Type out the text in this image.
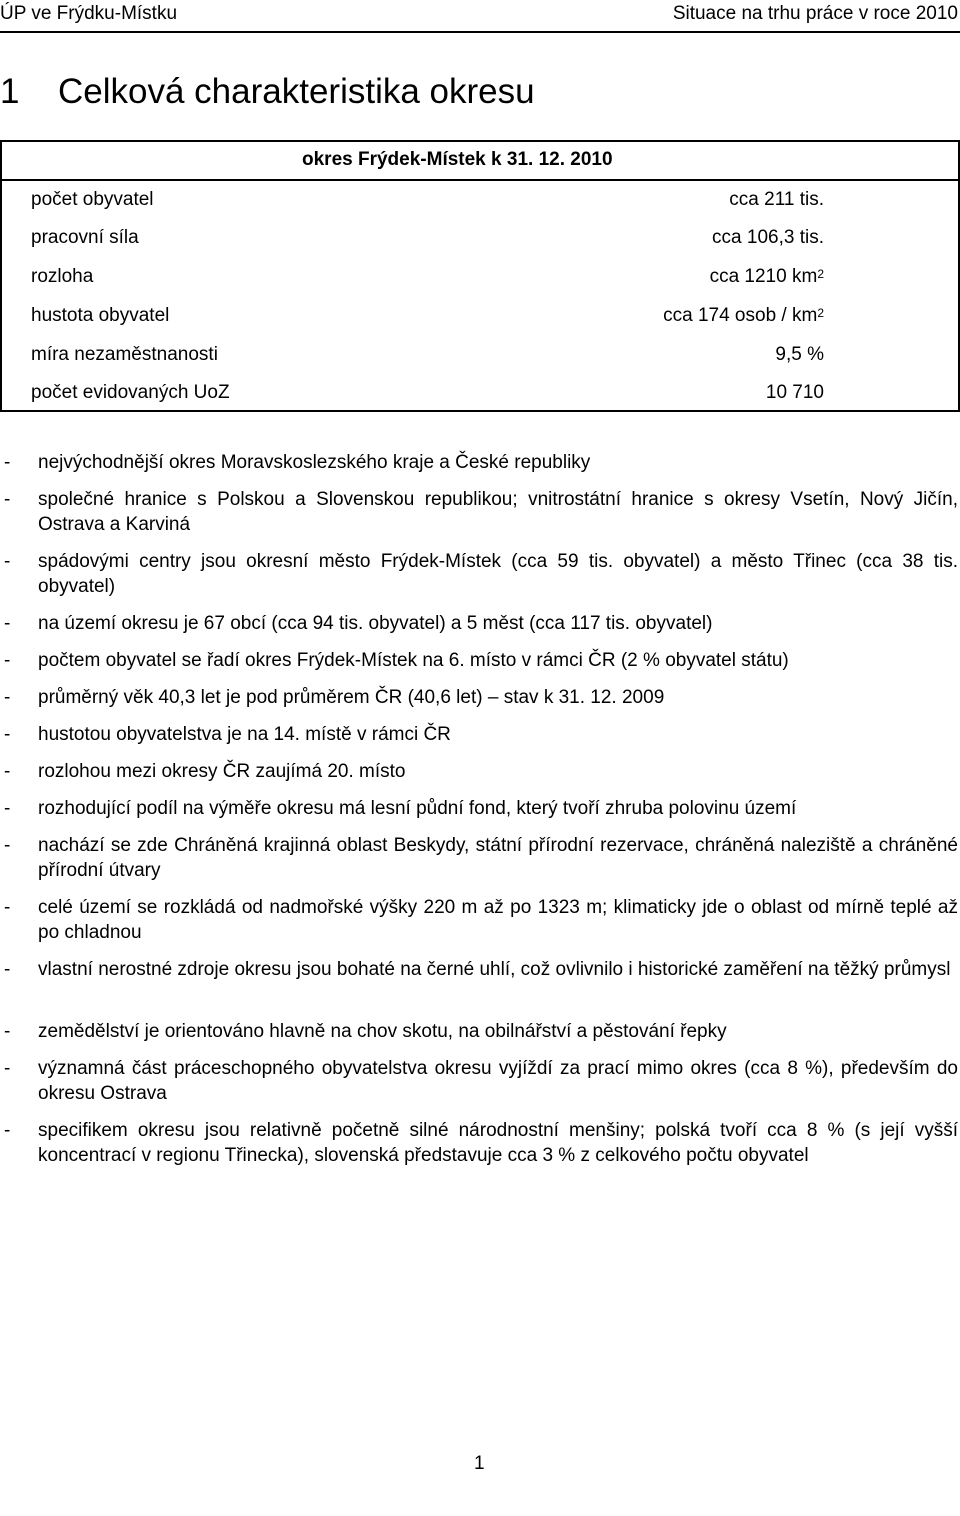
ÚP ve Frýdku-Místku	Situace na trhu práce v roce 2010
1 Celková charakteristika okresu
okres Frýdek-Místek k 31. 12. 2010
počet obyvatel	cca 211 tis.
pracovní síla	cca 106,3 tis.
rozloha	cca 1210 $km^2$
hustota obyvatel	cca 174 osob / $km^2$
míra nezaměstnanosti	9,5 %
počet evidovaných UoZ	10 710
- nejvýchodnější okres Moravskoslezského kraje a České republiky
- společné hranice s Polskou a Slovenskou republikou; vnitrostátní hranice s okresy Vsetín, Nový Jičín, Ostrava a Karviná
- spádovými centry jsou okresní město Frýdek-Místek (cca 59 tis. obyvatel) a město Třinec (cca 38 tis. obyvatel)
- na území okresu je 67 obcí (cca 94 tis. obyvatel) a 5 měst (cca 117 tis. obyvatel)
- počtem obyvatel se řadí okres Frýdek-Místek na 6. místo v rámci ČR (2 % obyvatel státu)
- průměrný věk 40,3 let je pod průměrem ČR (40,6 let) – stav k 31. 12. 2009
- hustotou obyvatelstva je na 14. místě v rámci ČR
- rozlohou mezi okresy ČR zaujímá 20. místo
- rozhodující podíl na výměře okresu má lesní půdní fond, který tvoří zhruba polovinu území
- nachází se zde Chráněná krajinná oblast Beskydy, státní přírodní rezervace, chráněná naleziště a chráněné přírodní útvary
- celé území se rozkládá od nadmořské výšky 220 m až po 1323 m; klimaticky jde o oblast od mírně teplé až po chladnou
- vlastní nerostné zdroje okresu jsou bohaté na černé uhlí, což ovlivnilo i historické zaměření na těžký průmysl
- zemědělství je orientováno hlavně na chov skotu, na obilnářství a pěstování řepky
- významná část práceschopného obyvatelstva okresu vyjíždí za prací mimo okres (cca 8 %), především do okresu Ostrava
- specifikem okresu jsou relativně početně silné národnostní menšiny; polská tvoří cca 8 % (s její vyšší koncentrací v regionu Třinecka), slovenská představuje cca 3 % z celkového počtu obyvatel
1
